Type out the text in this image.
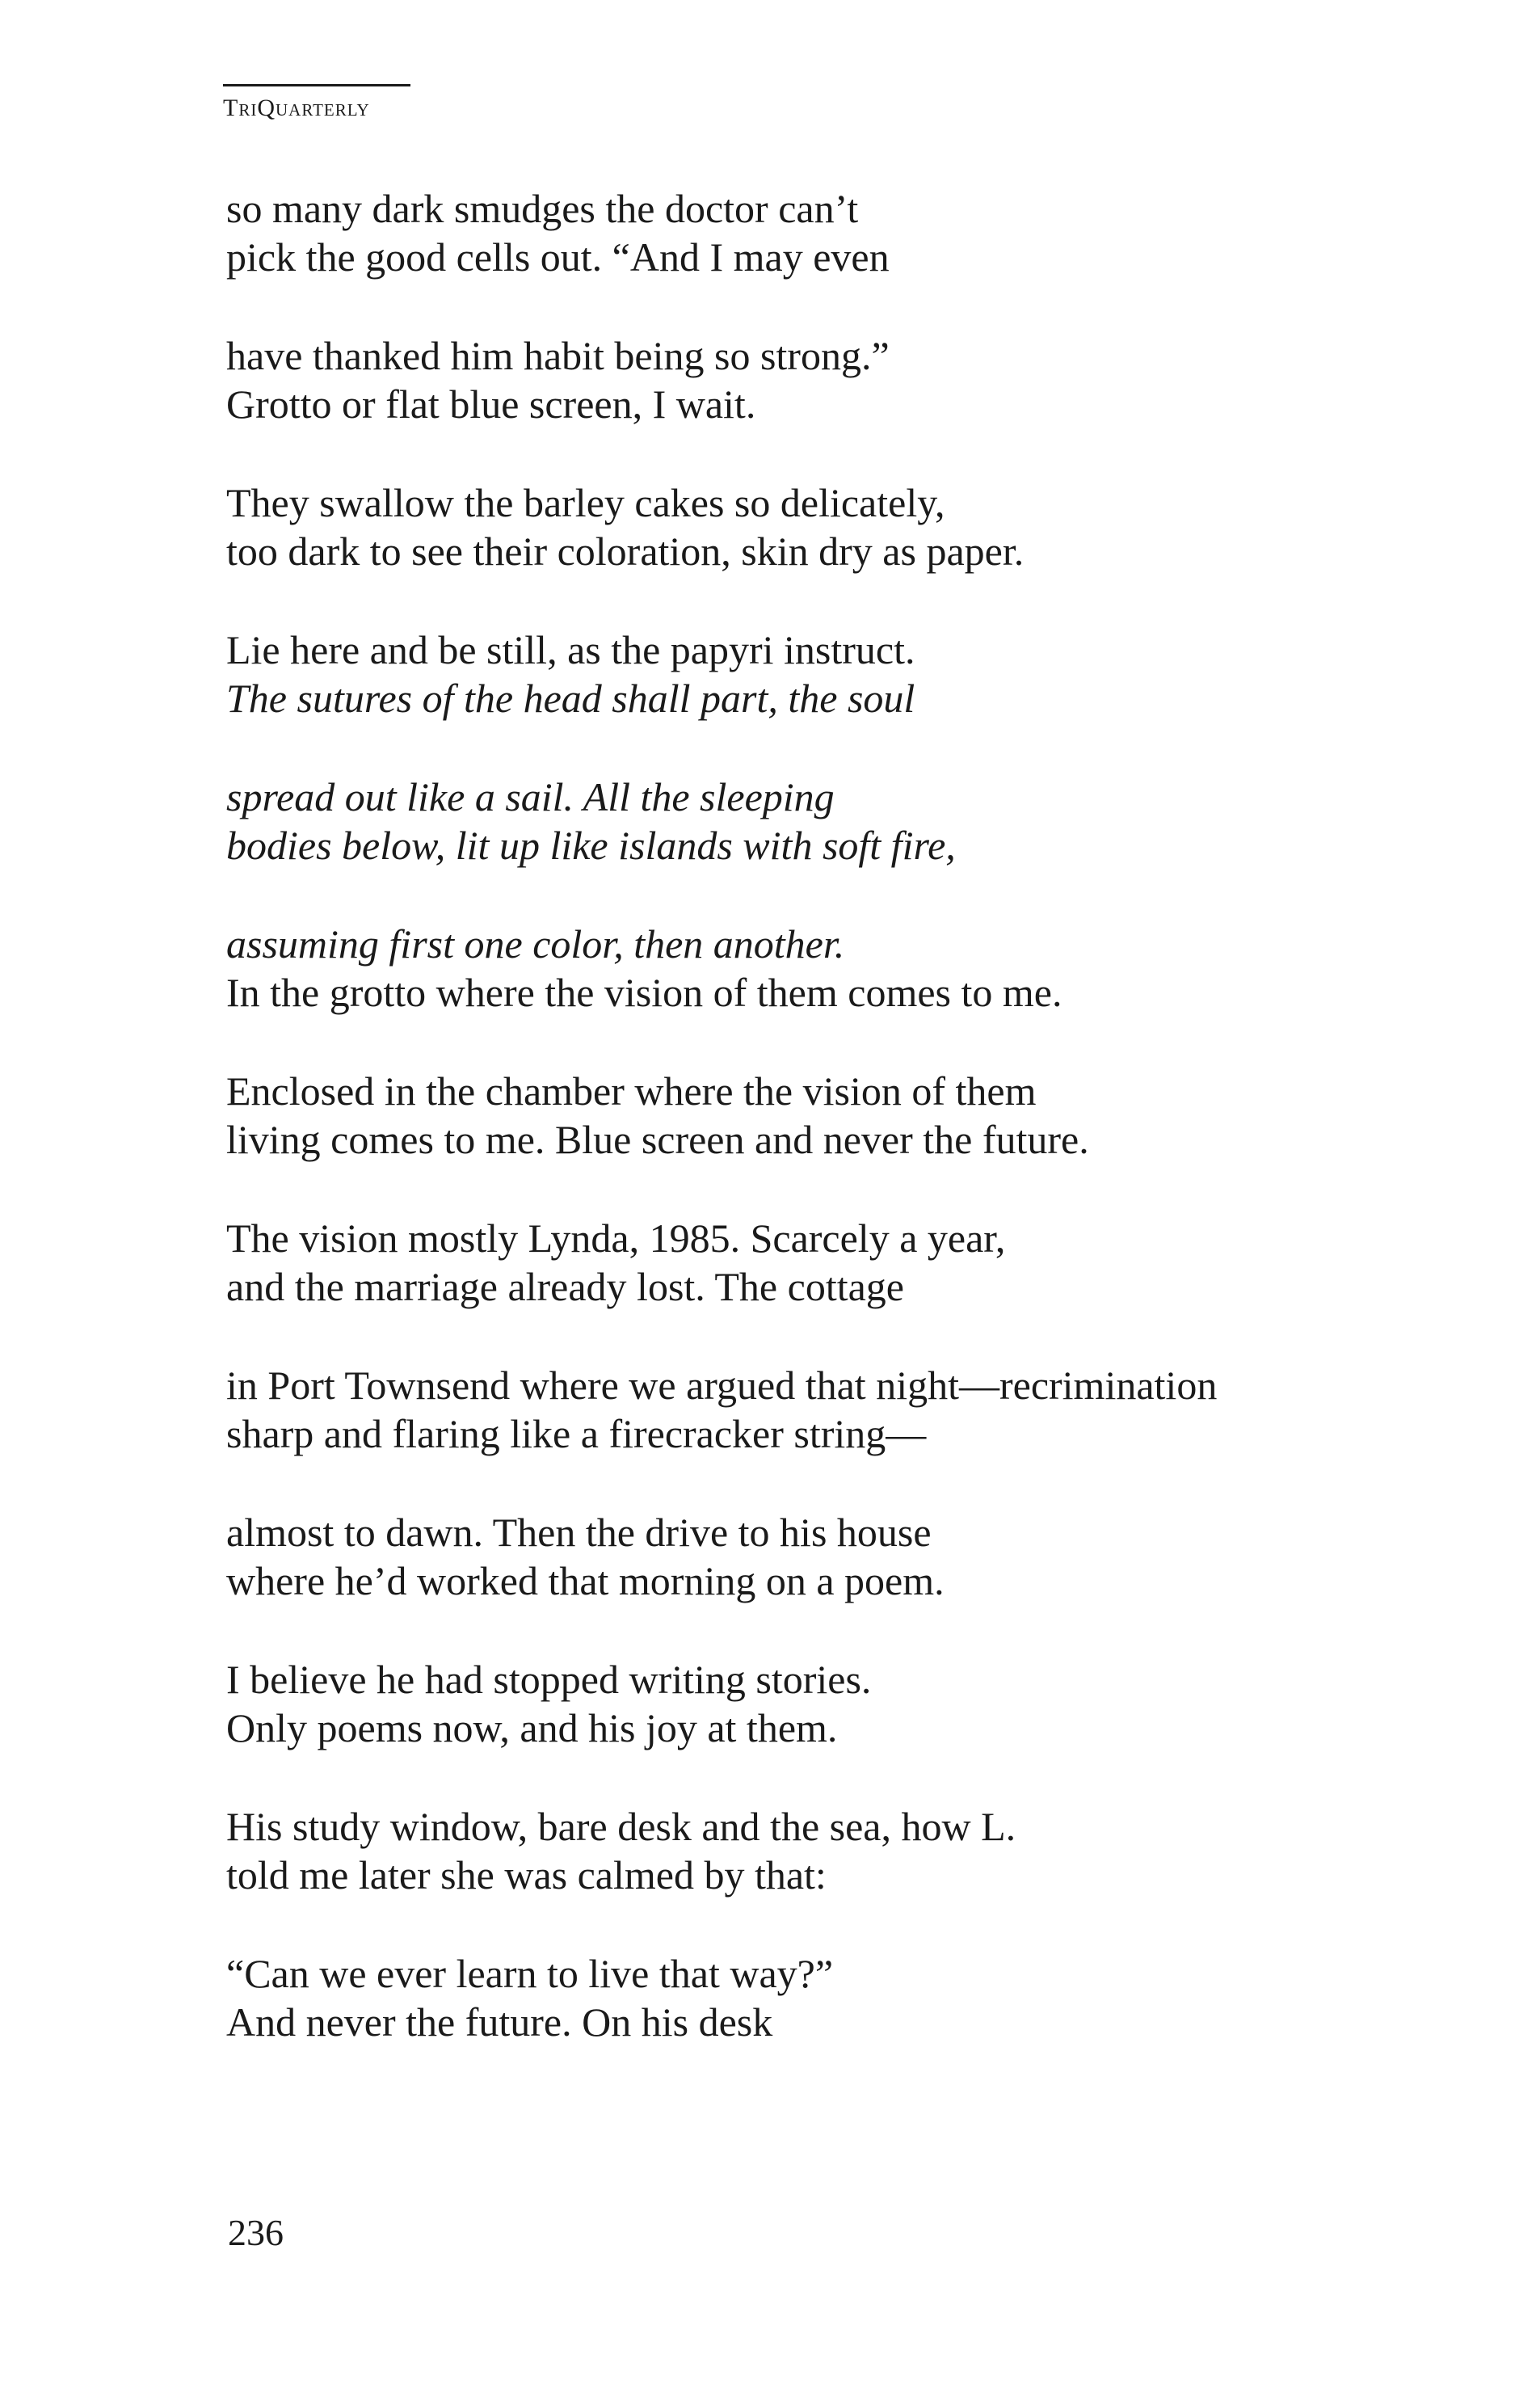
TriQuarterly
so many dark smudges the doctor can’t
pick the good cells out. “And I may even
have thanked him habit being so strong.”
Grotto or flat blue screen, I wait.
They swallow the barley cakes so delicately,
too dark to see their coloration, skin dry as paper.
Lie here and be still, as the papyri instruct.
The sutures of the head shall part, the soul
spread out like a sail. All the sleeping
bodies below, lit up like islands with soft fire,
assuming first one color, then another.
In the grotto where the vision of them comes to me.
Enclosed in the chamber where the vision of them
living comes to me. Blue screen and never the future.
The vision mostly Lynda, 1985. Scarcely a year,
and the marriage already lost. The cottage
in Port Townsend where we argued that night—recrimination
sharp and flaring like a firecracker string—
almost to dawn. Then the drive to his house
where he’d worked that morning on a poem.
I believe he had stopped writing stories.
Only poems now, and his joy at them.
His study window, bare desk and the sea, how L.
told me later she was calmed by that:
“Can we ever learn to live that way?”
And never the future. On his desk
236
